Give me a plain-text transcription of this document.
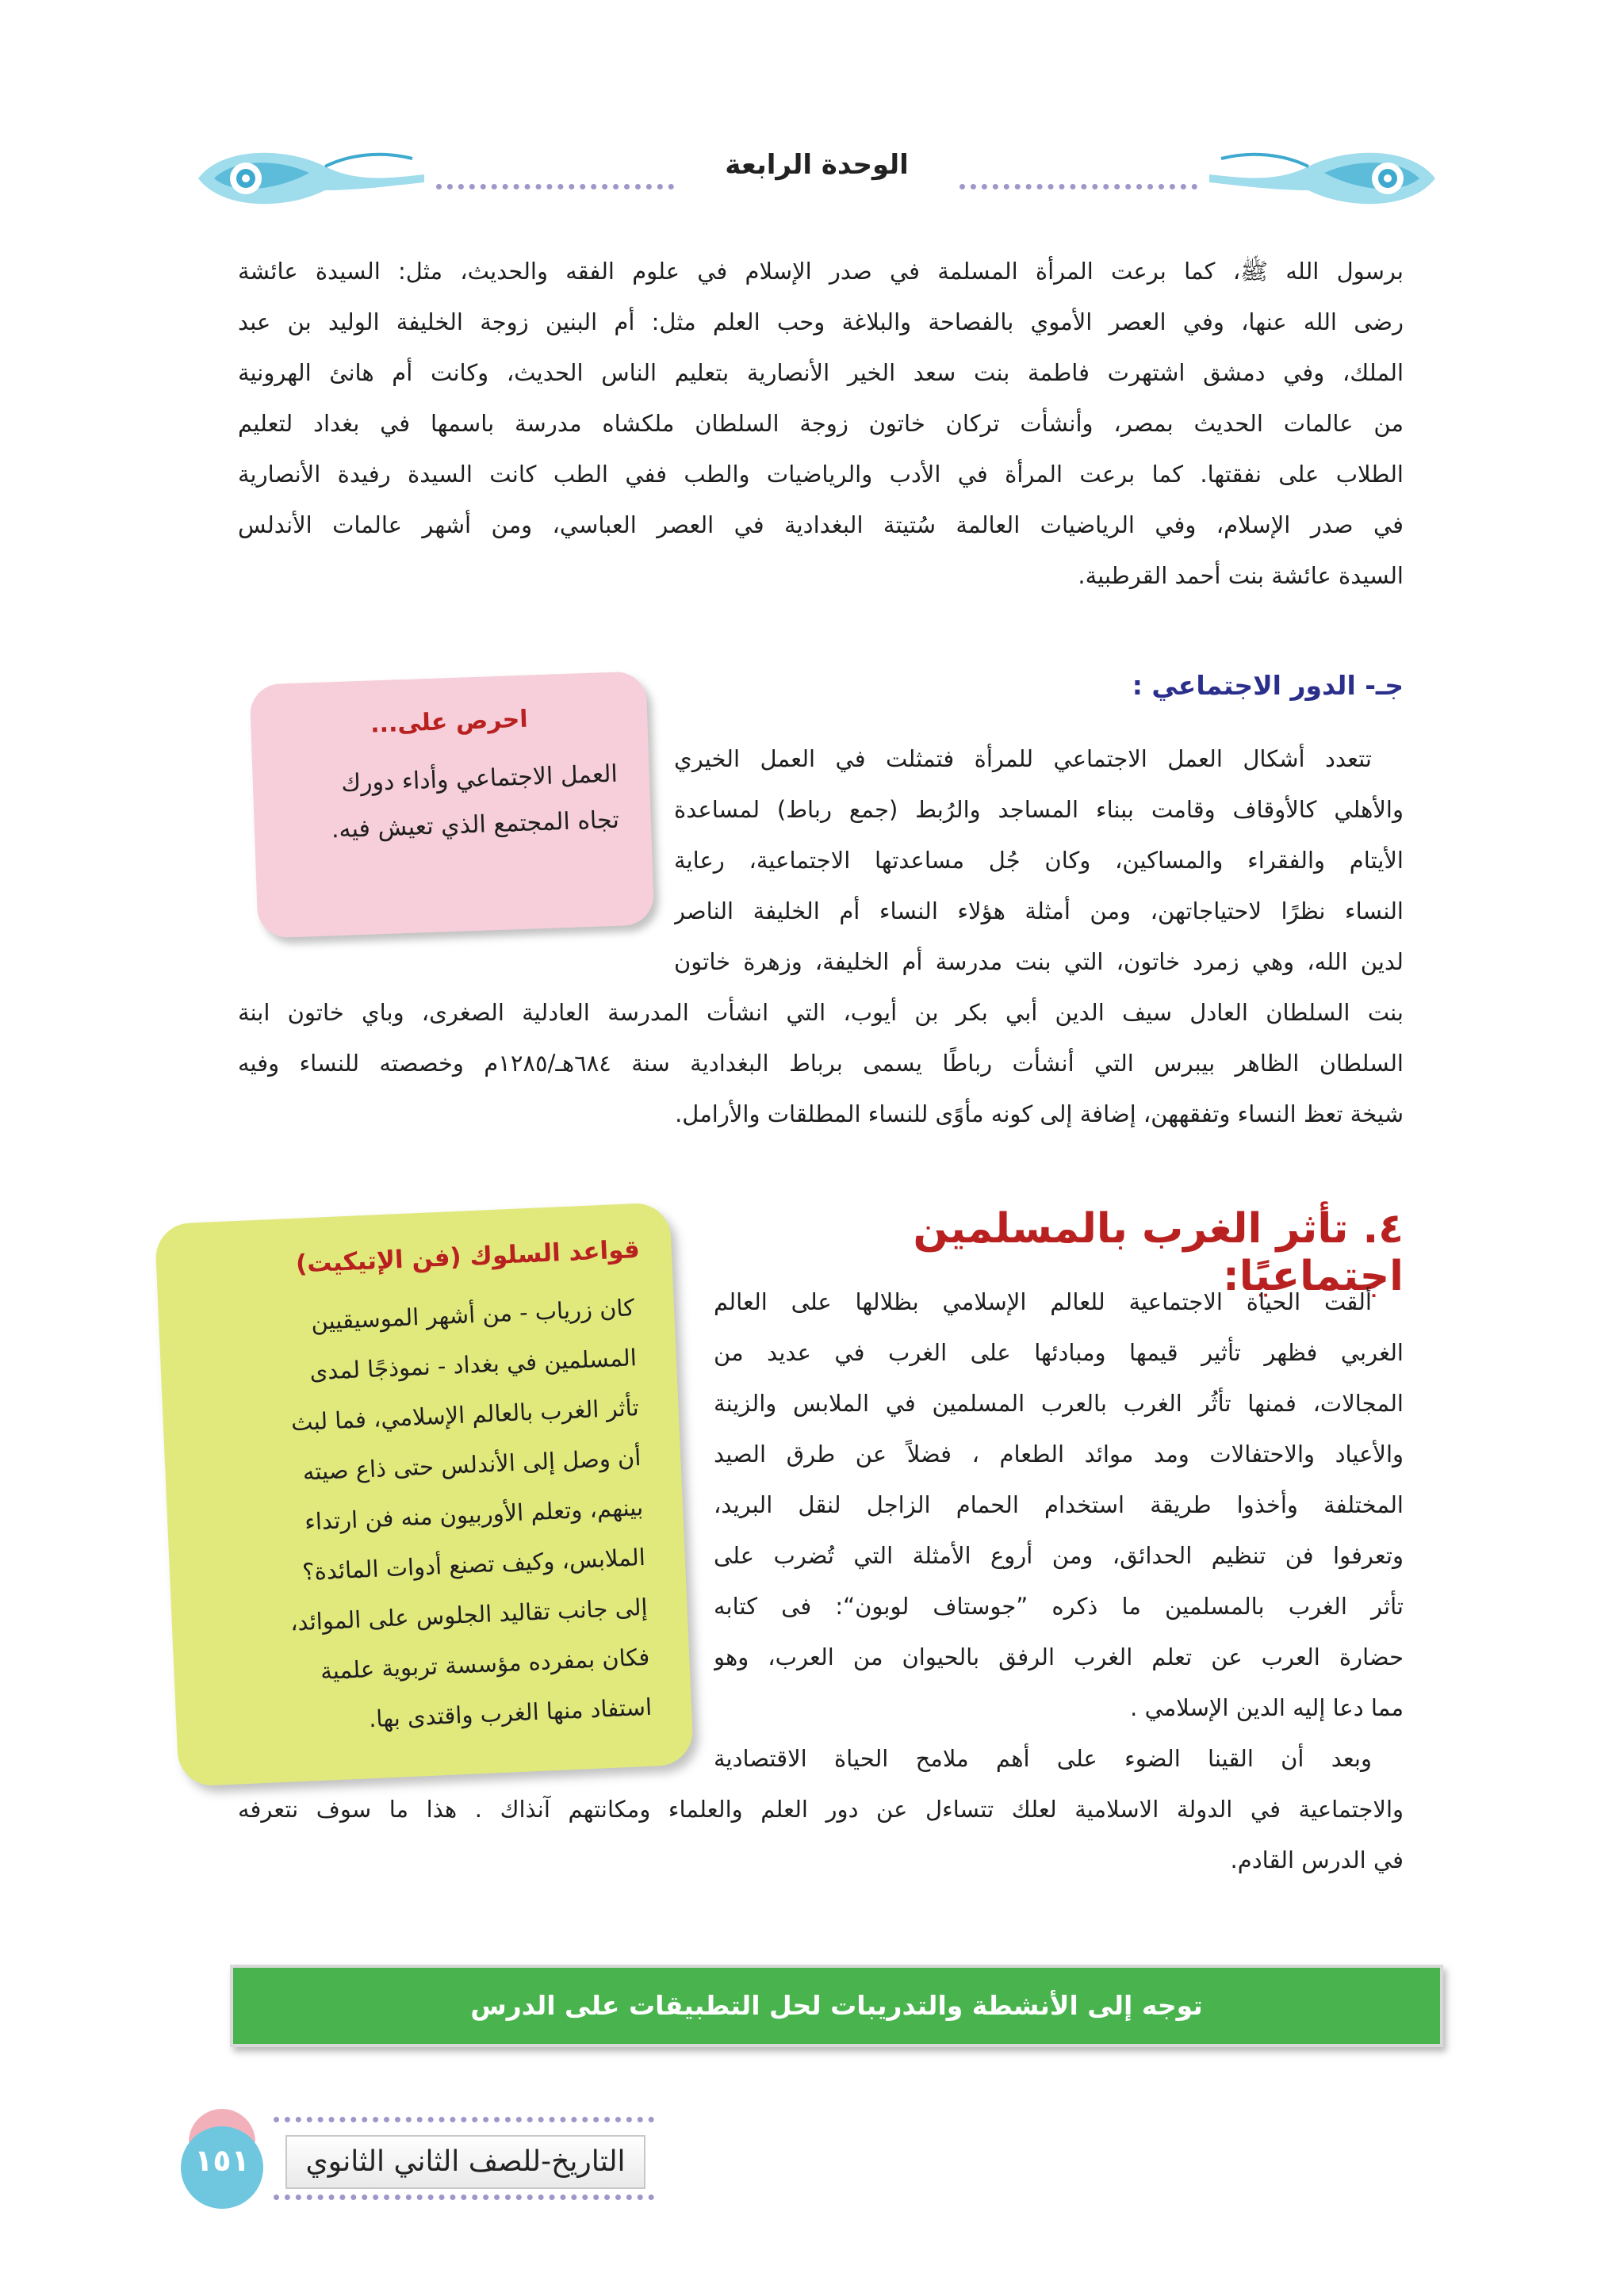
الوحدة الرابعة
برسول الله ﷺ، كما برعت المرأة المسلمة في صدر الإسلام في علوم الفقه والحديث، مثل: السيدة عائشة
رضى الله عنها، وفي العصر الأموي بالفصاحة والبلاغة وحب العلم مثل: أم البنين زوجة الخليفة الوليد بن عبد
الملك، وفي دمشق اشتهرت فاطمة بنت سعد الخير الأنصارية بتعليم الناس الحديث، وكانت أم هانئ الهرونية
من عالمات الحديث بمصر، وأنشأت تركان خاتون زوجة السلطان ملكشاه مدرسة باسمها في بغداد لتعليم
الطلاب على نفقتها. كما برعت المرأة في الأدب والرياضيات والطب ففي الطب كانت السيدة رفيدة الأنصارية
في صدر الإسلام، وفي الرياضيات العالمة سُتيتة البغدادية في العصر العباسي، ومن أشهر عالمات الأندلس
السيدة عائشة بنت أحمد القرطبية.
جـ- الدور الاجتماعي :
تتعدد أشكال العمل الاجتماعي للمرأة فتمثلت في العمل الخيري
والأهلي كالأوقاف وقامت ببناء المساجد والرُبط (جمع رباط) لمساعدة
الأيتام والفقراء والمساكين، وكان جُل مساعدتها الاجتماعية، رعاية
النساء نظرًا لاحتياجاتهن، ومن أمثلة هؤلاء النساء أم الخليفة الناصر
لدين الله، وهي زمرد خاتون، التي بنت مدرسة أم الخليفة، وزهرة خاتون
بنت السلطان العادل سيف الدين أبي بكر بن أيوب، التي انشأت المدرسة العادلية الصغرى، وباي خاتون ابنة
السلطان الظاهر بيبرس التي أنشأت رباطًا يسمى برباط البغدادية سنة ٦٨٤هـ/١٢٨٥م وخصصته للنساء وفيه
شيخة تعظ النساء وتفقههن، إضافة إلى كونه مأوًى للنساء المطلقات والأرامل.
احرص على...
العمل الاجتماعي وأداء دورك
تجاه المجتمع الذي تعيش فيه.
٤. تأثر الغرب بالمسلمين اجتماعيًا:
ألقت الحياة الاجتماعية للعالم الإسلامي بظلالها على العالم
الغربي فظهر تأثير قيمها ومبادئها على الغرب في عديد من
المجالات، فمنها تأثُر الغرب بالعرب المسلمين في الملابس والزينة
والأعياد والاحتفالات ومد موائد الطعام ، فضلاً عن طرق الصيد
المختلفة وأخذوا طريقة استخدام الحمام الزاجل لنقل البريد،
وتعرفوا فن تنظيم الحدائق، ومن أروع الأمثلة التي تُضرب على
تأثر الغرب بالمسلمين ما ذكره ”جوستاف لوبون“: فى كتابه
حضارة العرب عن تعلم الغرب الرفق بالحيوان من العرب، وهو
مما دعا إليه الدين الإسلامي .
وبعد أن القينا الضوء على أهم ملامح الحياة الاقتصادية
والاجتماعية في الدولة الاسلامية لعلك تتساءل عن دور العلم والعلماء ومكانتهم آنذاك . هذا ما سوف نتعرفه
في الدرس القادم.
قواعد السلوك (فن الإتيكيت)
كان زرياب - من أشهر الموسيقيين
المسلمين في بغداد - نموذجًا لمدى
تأثر الغرب بالعالم الإسلامي، فما لبث
أن وصل إلى الأندلس حتى ذاع صيته
بينهم، وتعلم الأوربيون منه فن ارتداء
الملابس، وكيف تصنع أدوات المائدة؟
إلى جانب تقاليد الجلوس على الموائد،
فكان بمفرده مؤسسة تربوية علمية
استفاد منها الغرب واقتدى بها.
توجه إلى الأنشطة والتدريبات لحل التطبيقات على الدرس
١٥١	التاريخ-للصف الثاني الثانوي
